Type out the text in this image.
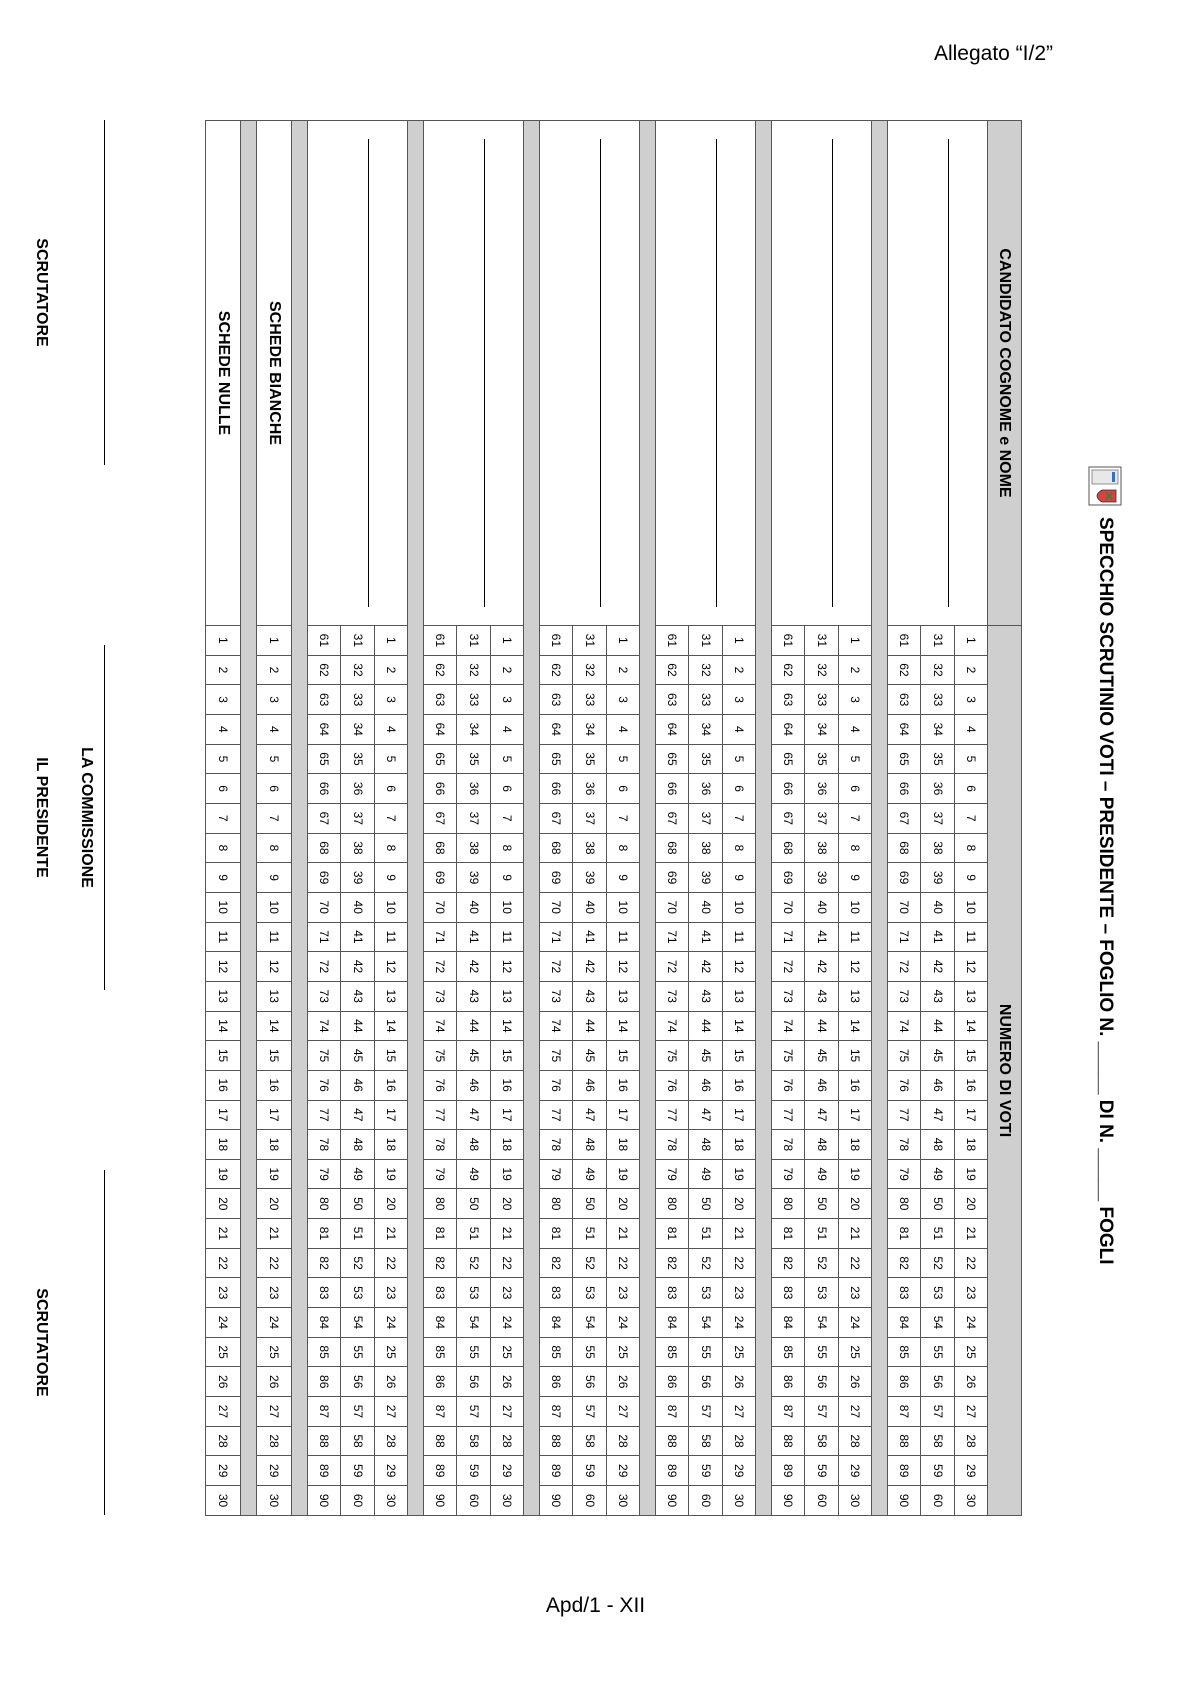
Allegato “I/2”
SPECCHIO SCRUTINIO VOTI – PRESIDENTE – FOGLIO N. _____ DI N. _____ FOGLI
CANDIDATO COGNOME e NOME	NUMERO DI VOTI																													

	1	2	3	4	5	6	7	8	9	10	11	12	13	14	15	16	17	18	19	20	21	22	23	24	25	26	27	28	29	30
	31	32	33	34	35	36	37	38	39	40	41	42	43	44	45	46	47	48	49	50	51	52	53	54	55	56	57	58	59	60
	61	62	63	64	65	66	67	68	69	70	71	72	73	74	75	76	77	78	79	80	81	82	83	84	85	86	87	88	89	90

	1	2	3	4	5	6	7	8	9	10	11	12	13	14	15	16	17	18	19	20	21	22	23	24	25	26	27	28	29	30
	31	32	33	34	35	36	37	38	39	40	41	42	43	44	45	46	47	48	49	50	51	52	53	54	55	56	57	58	59	60
	61	62	63	64	65	66	67	68	69	70	71	72	73	74	75	76	77	78	79	80	81	82	83	84	85	86	87	88	89	90

	1	2	3	4	5	6	7	8	9	10	11	12	13	14	15	16	17	18	19	20	21	22	23	24	25	26	27	28	29	30
	31	32	33	34	35	36	37	38	39	40	41	42	43	44	45	46	47	48	49	50	51	52	53	54	55	56	57	58	59	60
	61	62	63	64	65	66	67	68	69	70	71	72	73	74	75	76	77	78	79	80	81	82	83	84	85	86	87	88	89	90

	1	2	3	4	5	6	7	8	9	10	11	12	13	14	15	16	17	18	19	20	21	22	23	24	25	26	27	28	29	30
	31	32	33	34	35	36	37	38	39	40	41	42	43	44	45	46	47	48	49	50	51	52	53	54	55	56	57	58	59	60
	61	62	63	64	65	66	67	68	69	70	71	72	73	74	75	76	77	78	79	80	81	82	83	84	85	86	87	88	89	90

	1	2	3	4	5	6	7	8	9	10	11	12	13	14	15	16	17	18	19	20	21	22	23	24	25	26	27	28	29	30
	31	32	33	34	35	36	37	38	39	40	41	42	43	44	45	46	47	48	49	50	51	52	53	54	55	56	57	58	59	60
	61	62	63	64	65	66	67	68	69	70	71	72	73	74	75	76	77	78	79	80	81	82	83	84	85	86	87	88	89	90

	1	2	3	4	5	6	7	8	9	10	11	12	13	14	15	16	17	18	19	20	21	22	23	24	25	26	27	28	29	30
	31	32	33	34	35	36	37	38	39	40	41	42	43	44	45	46	47	48	49	50	51	52	53	54	55	56	57	58	59	60
	61	62	63	64	65	66	67	68	69	70	71	72	73	74	75	76	77	78	79	80	81	82	83	84	85	86	87	88	89	90

SCHEDE BIANCHE	1	2	3	4	5	6	7	8	9	10	11	12	13	14	15	16	17	18	19	20	21	22	23	24	25	26	27	28	29	30

SCHEDE NULLE	1	2	3	4	5	6	7	8	9	10	11	12	13	14	15	16	17	18	19	20	21	22	23	24	25	26	27	28	29	30
SCRUTATORE
LA COMMISSIONE
IL PRESIDENTE
SCRUTATORE
Apd/1 - XII
